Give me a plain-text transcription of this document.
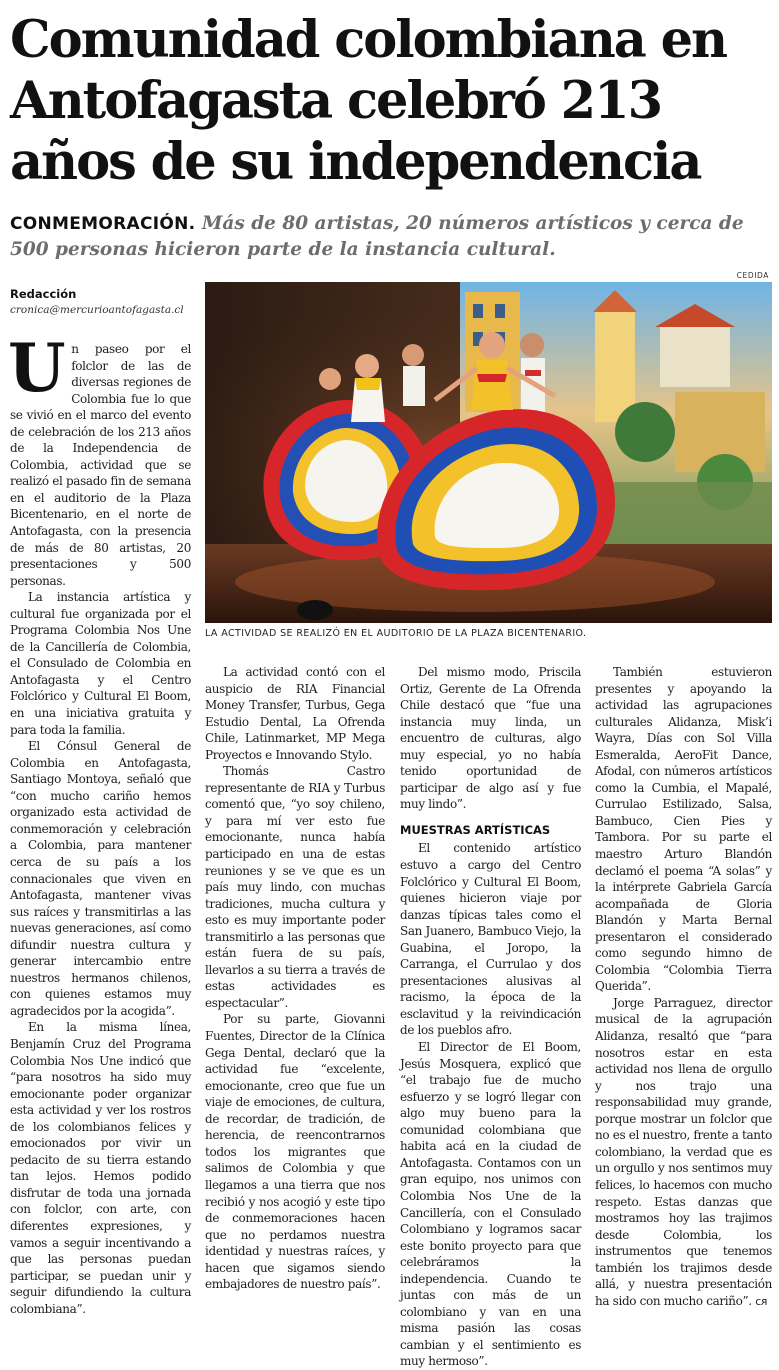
Comunidad colombiana en Antofagasta celebró 213 años de su independencia
CONMEMORACIÓN. Más de 80 artistas, 20 números artísticos y cerca de 500 personas hicieron parte de la instancia cultural.
CEDIDA
Redacción
cronica@mercurioantofagasta.cl
LA ACTIVIDAD SE REALIZÓ EN EL AUDITORIO DE LA PLAZA BICENTENARIO.

Un paseo por el folclor de las de diversas regiones de Colombia fue lo que se vivió en el marco del evento de celebración de los 213 años de la Independencia de Colombia, actividad que se realizó el pasado fin de semana en el auditorio de la Plaza Bicentenario, en el norte de Antofagasta, con la presencia de más de 80 artistas, 20 presentaciones y 500 personas.

La instancia artística y cultural fue organizada por el Programa Colombia Nos Une de la Cancillería de Colombia, el Consulado de Colombia en Antofagasta y el Centro Folclórico y Cultural El Boom, en una iniciativa gratuita y para toda la familia.

El Cónsul General de Colombia en Antofagasta, Santiago Montoya, señaló que “con mucho cariño hemos organizado esta actividad de conmemoración y celebración a Colombia, para mantener cerca de su país a los connacionales que viven en Antofagasta, mantener vivas sus raíces y transmitirlas a las nuevas generaciones, así como difundir nuestra cultura y generar intercambio entre nuestros hermanos chilenos, con quienes estamos muy agradecidos por la acogida”.

En la misma línea, Benjamín Cruz del Programa Colombia Nos Une indicó que “para nosotros ha sido muy emocionante poder organizar esta actividad y ver los rostros de los colombianos felices y emocionados por vivir un pedacito de su tierra estando tan lejos. Hemos podido disfrutar de toda una jornada con folclor, con arte, con diferentes expresiones, y vamos a seguir incentivando a que las personas puedan participar, se puedan unir y seguir difundiendo la cultura colombiana”.

La actividad contó con el auspicio de RIA Financial Money Transfer, Turbus, Gega Estudio Dental, La Ofrenda Chile, Latinmarket, MP Mega Proyectos e Innovando Stylo.

Thomás Castro representante de RIA y Turbus comentó que, “yo soy chileno, y para mí ver esto fue emocionante, nunca había participado en una de estas reuniones y se ve que es un país muy lindo, con muchas tradiciones, mucha cultura y esto es muy importante poder transmitirlo a las personas que están fuera de su país, llevarlos a su tierra a través de estas actividades es espectacular”.

Por su parte, Giovanni Fuentes, Director de la Clínica Gega Dental, declaró que la actividad fue “excelente, emocionante, creo que fue un viaje de emociones, de cultura, de recordar, de tradición, de herencia, de reencontrarnos todos los migrantes que salimos de Colombia y que llegamos a una tierra que nos recibió y nos acogió y este tipo de conmemoraciones hacen que no perdamos nuestra identidad y nuestras raíces, y hacen que sigamos siendo embajadores de nuestro país”.

Del mismo modo, Priscila Ortiz, Gerente de La Ofrenda Chile destacó que “fue una instancia muy linda, un encuentro de culturas, algo muy especial, yo no había tenido oportunidad de participar de algo así y fue muy lindo”.

MUESTRAS ARTÍSTICAS

El contenido artístico estuvo a cargo del Centro Folclórico y Cultural El Boom, quienes hicieron viaje por danzas típicas tales como el San Juanero, Bambuco Viejo, la Guabina, el Joropo, la Carranga, el Currulao y dos presentaciones alusivas al racismo, la época de la esclavitud y la reivindicación de los pueblos afro.

El Director de El Boom, Jesús Mosquera, explicó que “el trabajo fue de mucho esfuerzo y se logró llegar con algo muy bueno para la comunidad colombiana que habita acá en la ciudad de Antofagasta. Contamos con un gran equipo, nos unimos con Colombia Nos Une de la Cancillería, con el Consulado Colombiano y logramos sacar este bonito proyecto para que celebráramos la independencia. Cuando te juntas con más de un colombiano y van en una misma pasión las cosas cambian y el sentimiento es muy hermoso”.

También estuvieron presentes y apoyando la actividad las agrupaciones culturales Alidanza, Misk’i Wayra, Días con Sol Villa Esmeralda, AeroFit Dance, Afodal, con números artísticos como la Cumbia, el Mapalé, Currulao Estilizado, Salsa, Bambuco, Cien Pies y Tambora. Por su parte el maestro Arturo Blandón declamó el poema “A solas” y la intérprete Gabriela García acompañada de Gloria Blandón y Marta Bernal presentaron el considerado como segundo himno de Colombia “Colombia Tierra Querida”.

Jorge Parraguez, director musical de la agrupación Alidanza, resaltó que “para nosotros estar en esta actividad nos llena de orgullo y nos trajo una responsabilidad muy grande, porque mostrar un folclor que no es el nuestro, frente a tanto colombiano, la verdad que es un orgullo y nos sentimos muy felices, lo hacemos con mucho respeto. Estas danzas que mostramos hoy las trajimos desde Colombia, los instrumentos que tenemos también los trajimos desde allá, y nuestra presentación ha sido con mucho cariño”. ᴄᴙ
